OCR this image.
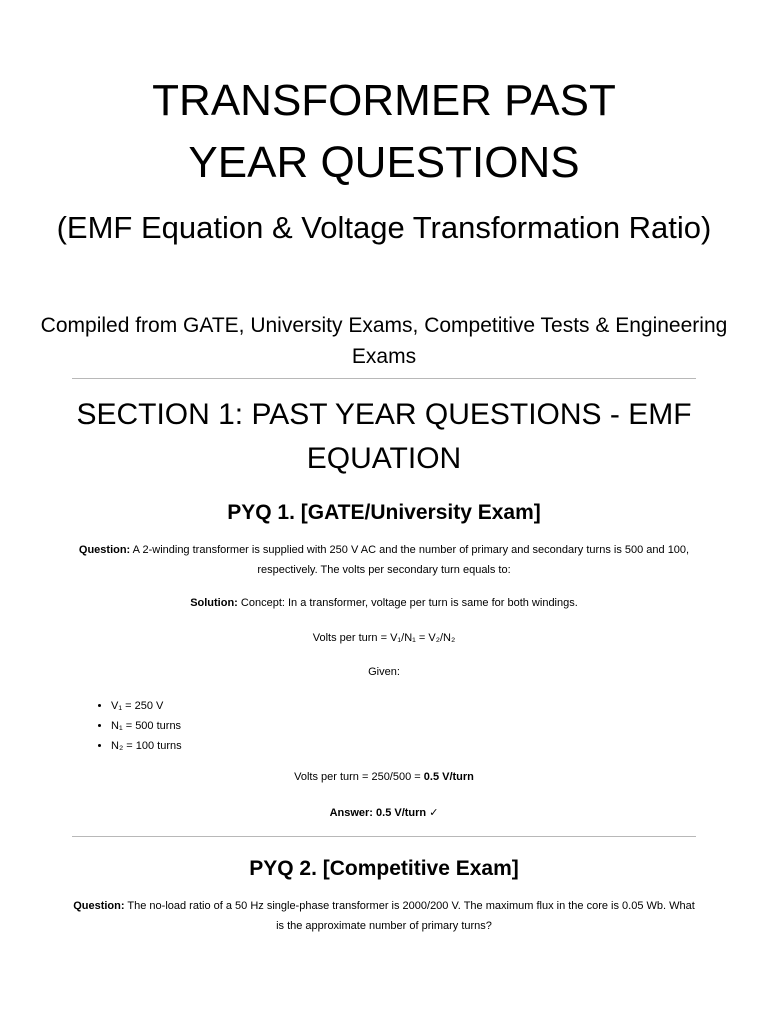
TRANSFORMER PAST
YEAR QUESTIONS

(EMF Equation & Voltage Transformation Ratio)

Compiled from GATE, University Exams, Competitive Tests & Engineering Exams

SECTION 1: PAST YEAR QUESTIONS - EMF EQUATION
PYQ 1. [GATE/University Exam]

Question: A 2-winding transformer is supplied with 250 V AC and the number of primary and secondary turns is 500 and 100, respectively. The volts per secondary turn equals to:

Solution: Concept: In a transformer, voltage per turn is same for both windings.

Volts per turn = V₁/N₁ = V₂/N₂

Given:

• V₁ = 250 V
• N₁ = 500 turns
• N₂ = 100 turns

Volts per turn = 250/500 = 0.5 V/turn

Answer: 0.5 V/turn ✓

PYQ 2. [Competitive Exam]

Question: The no-load ratio of a 50 Hz single-phase transformer is 2000/200 V. The maximum flux in the core is 0.05 Wb. What is the approximate number of primary turns?
